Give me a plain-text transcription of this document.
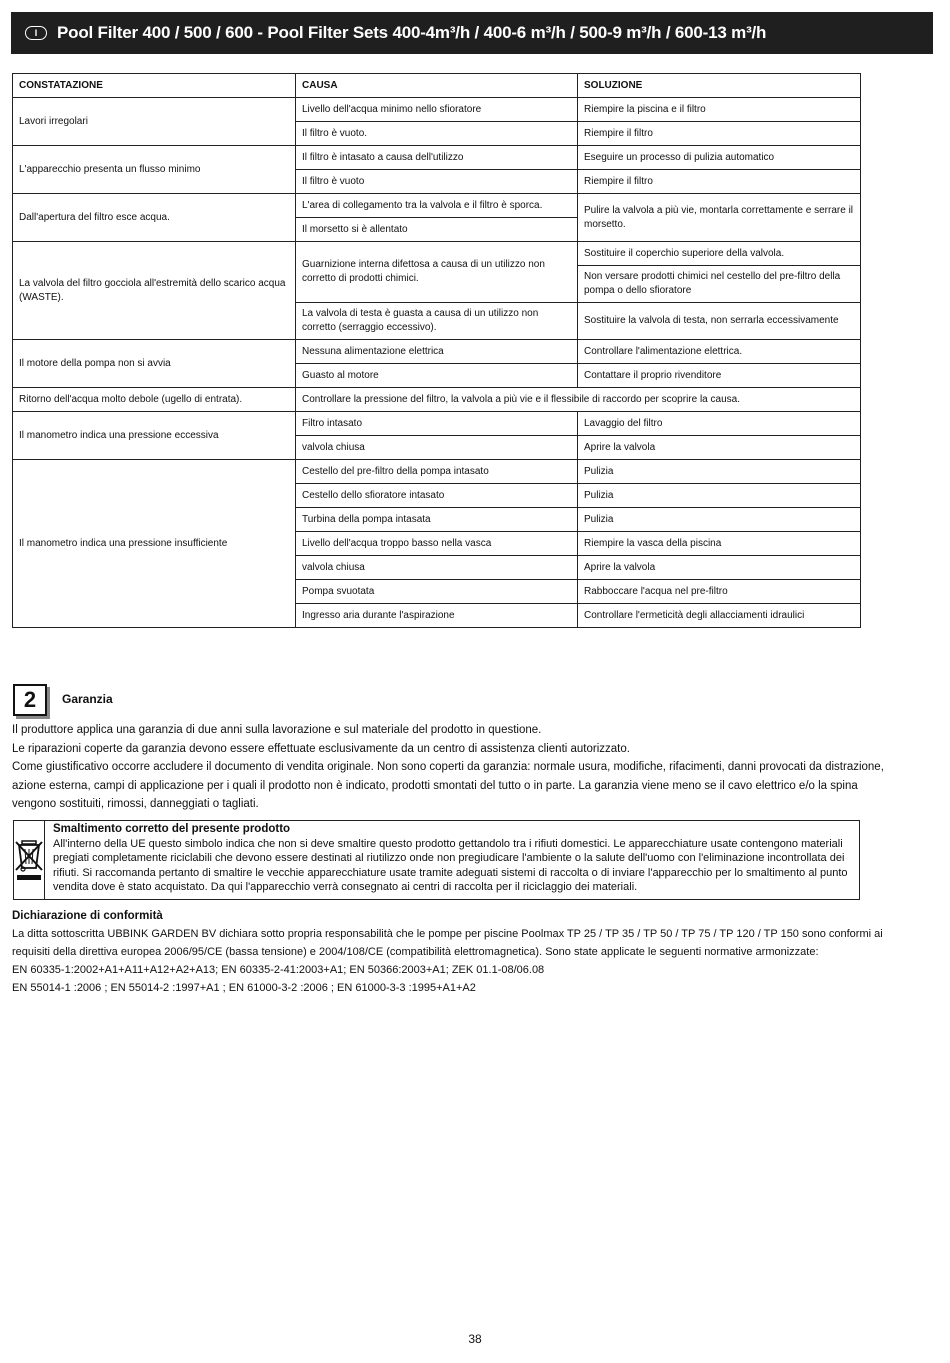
I	Pool Filter 400 / 500 / 600 - Pool Filter Sets 400-4m³/h / 400-6 m³/h / 500-9 m³/h / 600-13 m³/h
CONSTATAZIONE	CAUSA	SOLUZIONE
Lavori irregolari	Livello dell'acqua minimo nello sfioratore	Riempire la piscina e il filtro
	Il filtro è vuoto.	Riempire il filtro
L'apparecchio presenta un flusso minimo	Il filtro è intasato a causa dell'utilizzo	Eseguire un processo di pulizia automatico
	Il filtro è vuoto	Riempire il filtro
Dall'apertura del filtro esce acqua.	L'area di collegamento tra la valvola e il filtro è sporca.	Pulire la valvola a più vie, montarla correttamente e serrare il morsetto.
	Il morsetto si è allentato	
La valvola del filtro gocciola all'estremità dello scarico acqua (WASTE).	Guarnizione interna difettosa a causa di un utilizzo non corretto di prodotti chimici.	Sostituire il coperchio superiore della valvola.
		Non versare prodotti chimici nel cestello del pre-filtro della pompa o dello sfioratore
	La valvola di testa è guasta a causa di un utilizzo non corretto (serraggio eccessivo).	Sostituire la valvola di testa, non serrarla eccessivamente
Il motore della pompa non si avvia	Nessuna alimentazione elettrica	Controllare l'alimentazione elettrica.
	Guasto al motore	Contattare il proprio rivenditore
Ritorno dell'acqua molto debole (ugello di entrata).	Controllare la pressione del filtro, la valvola a più vie e il flessibile di raccordo per scoprire la causa.	
Il manometro indica una pressione eccessiva	Filtro intasato	Lavaggio del filtro
	valvola chiusa	Aprire la valvola
Il manometro indica una pressione insufficiente	Cestello del pre-filtro della pompa intasato	Pulizia
	Cestello dello sfioratore intasato	Pulizia
	Turbina della pompa intasata	Pulizia
	Livello dell'acqua troppo basso nella vasca	Riempire la vasca della piscina
	valvola chiusa	Aprire la valvola
	Pompa svuotata	Rabboccare l'acqua nel pre-filtro
	Ingresso aria durante l'aspirazione	Controllare l'ermeticità degli allacciamenti idraulici
2	Garanzia

Il produttore applica una garanzia di due anni sulla lavorazione e sul materiale del prodotto in questione.

Le riparazioni coperte da garanzia devono essere effettuate esclusivamente da un centro di assistenza clienti autorizzato.

Come giustificativo occorre accludere il documento di vendita originale. Non sono coperti da garanzia: normale usura, modifiche, rifacimenti, danni provocati da distrazione, azione esterna, campi di applicazione per i quali il prodotto non è indicato, prodotti smontati del tutto o in parte. La garanzia viene meno se il cavo elettrico e/o la spina vengono sostituiti, rimossi, danneggiati o tagliati.

Smaltimento corretto del presente prodotto
All'interno della UE questo simbolo indica che non si deve smaltire questo prodotto gettandolo tra i rifiuti domestici. Le apparecchiature usate contengono materiali pregiati completamente riciclabili che devono essere destinati al riutilizzo onde non pregiudicare l'ambiente o la salute dell'uomo con l'eliminazione incontrollata dei rifiuti. Si raccomanda pertanto di smaltire le vecchie apparecchiature usate tramite adeguati sistemi di raccolta o di inviare l'apparecchio per lo smaltimento al punto vendita dove è stato acquistato. Da qui l'apparecchio verrà consegnato ai centri di raccolta per il riciclaggio dei materiali.

Dichiarazione di conformità

La ditta sottoscritta UBBINK GARDEN BV dichiara sotto propria responsabilità che le pompe per piscine Poolmax TP 25 / TP 35 / TP 50 / TP 75 / TP 120 / TP 150 sono conformi ai requisiti della direttiva europea 2006/95/CE (bassa tensione) e 2004/108/CE (compatibilità elettromagnetica). Sono state applicate le seguenti normative armonizzate:

EN 60335-1:2002+A1+A11+A12+A2+A13; EN 60335-2-41:2003+A1; EN 50366:2003+A1; ZEK 01.1-08/06.08

EN 55014-1 :2006 ; EN 55014-2 :1997+A1 ; EN 61000-3-2 :2006 ; EN 61000-3-3 :1995+A1+A2

38
